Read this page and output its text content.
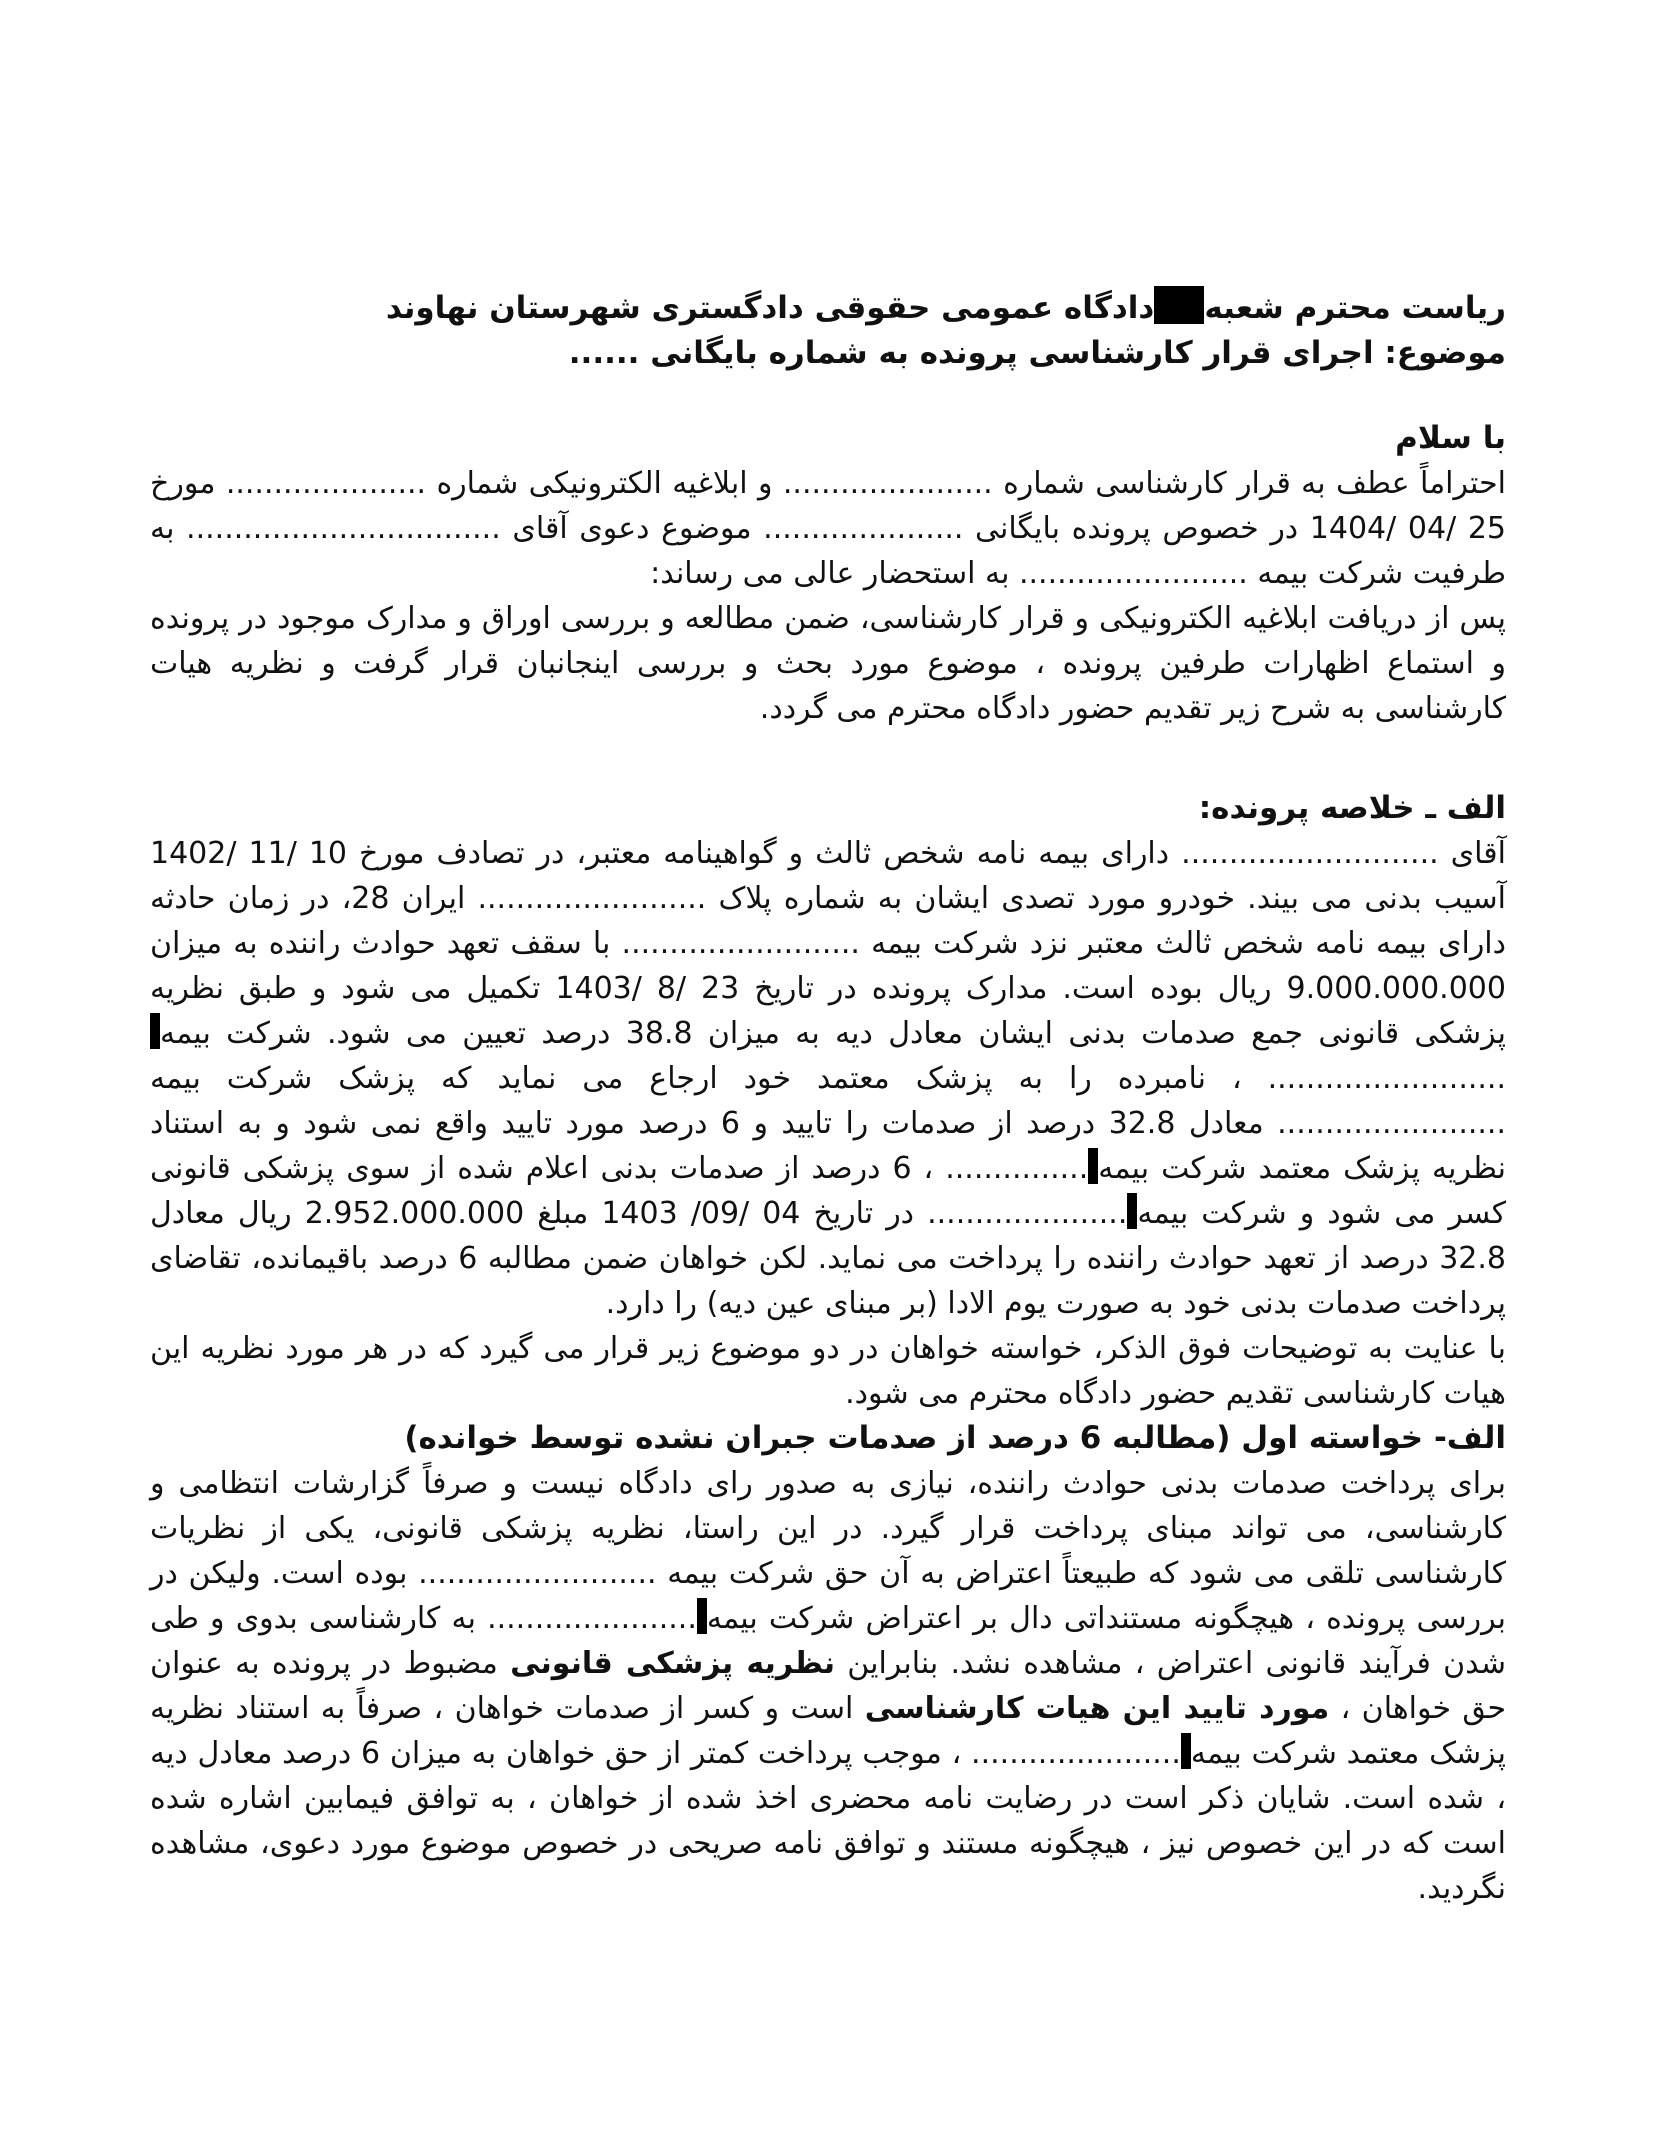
ریاست محترم شعبهدادگاه عمومی حقوقی دادگستری شهرستان نهاوند

موضوع: اجرای قرار کارشناسی پرونده به شماره بایگانی ......

با سلام

احتراماً عطف به قرار کارشناسی شماره ...................... و ابلاغیه الکترونیکی شماره ..................... مورخ 25 /04 /1404 در خصوص پرونده بایگانی ..................... موضوع دعوی آقای ................................. به طرفیت شرکت بیمه ........................ به استحضار عالی می رساند:

پس از دریافت ابلاغیه الکترونیکی و قرار کارشناسی، ضمن مطالعه و بررسی اوراق و مدارک موجود در پرونده و استماع اظهارات طرفین پرونده ، موضوع مورد بحث و بررسی اینجانبان قرار گرفت و نظریه هیات کارشناسی به شرح زیر تقدیم حضور دادگاه محترم می گردد.

الف ـ خلاصه پرونده:

آقای ........................... دارای بیمه نامه شخص ثالث و گواهینامه معتبر، در تصادف مورخ 10 /11 /1402 آسیب بدنی می بیند. خودرو مورد تصدی ایشان به شماره پلاک ........................ ایران 28، در زمان حادثه دارای بیمه نامه شخص ثالث معتبر نزد شرکت بیمه ......................... با سقف تعهد حوادث راننده به میزان 9.000.000.000 ریال بوده است. مدارک پرونده در تاریخ 23 /8 /1403 تکمیل می شود و طبق نظریه پزشکی قانونی جمع صدمات بدنی ایشان معادل دیه به میزان 38.8 درصد تعیین می شود. شرکت بیمه......................... ، نامبرده را به پزشک معتمد خود ارجاع می نماید که پزشک شرکت بیمه ........................ معادل 32.8 درصد از صدمات را تایید و 6 درصد مورد تایید واقع نمی شود و به استناد نظریه پزشک معتمد شرکت بیمه............... ، 6 درصد از صدمات بدنی اعلام شده از سوی پزشکی قانونی کسر می شود و شرکت بیمه..................... در تاریخ 04 /09/ 1403 مبلغ 2.952.000.000 ریال معادل 32.8 درصد از تعهد حوادث راننده را پرداخت می نماید. لکن خواهان ضمن مطالبه 6 درصد باقیمانده، تقاضای پرداخت صدمات بدنی خود به صورت یوم الادا (بر مبنای عین دیه) را دارد.

با عنایت به توضیحات فوق الذکر، خواسته خواهان در دو موضوع زیر قرار می گیرد که در هر مورد نظریه این هیات کارشناسی تقدیم حضور دادگاه محترم می شود.

الف- خواسته اول (مطالبه 6 درصد از صدمات جبران نشده توسط خوانده)

برای پرداخت صدمات بدنی حوادث راننده، نیازی به صدور رای دادگاه نیست و صرفاً گزارشات انتظامی و کارشناسی، می تواند مبنای پرداخت قرار گیرد. در این راستا، نظریه پزشکی قانونی، یکی از نظریات کارشناسی تلقی می شود که طبیعتاً اعتراض به آن حق شرکت بیمه ......................... بوده است. ولیکن در بررسی پرونده ، هیچگونه مستنداتی دال بر اعتراض شرکت بیمه...................... به کارشناسی بدوی و طی شدن فرآیند قانونی اعتراض ، مشاهده نشد. بنابراین نظریه پزشکی قانونی مضبوط در پرونده به عنوان حق خواهان ، مورد تایید این هیات کارشناسی است و کسر از صدمات خواهان ، صرفاً به استناد نظریه پزشک معتمد شرکت بیمه...................... ، موجب پرداخت کمتر از حق خواهان به میزان 6 درصد معادل دیه ، شده است. شایان ذکر است در رضایت نامه محضری اخذ شده از خواهان ، به توافق فیمابین اشاره شده است که در این خصوص نیز ، هیچگونه مستند و توافق نامه صریحی در خصوص موضوع مورد دعوی، مشاهده نگردید.
